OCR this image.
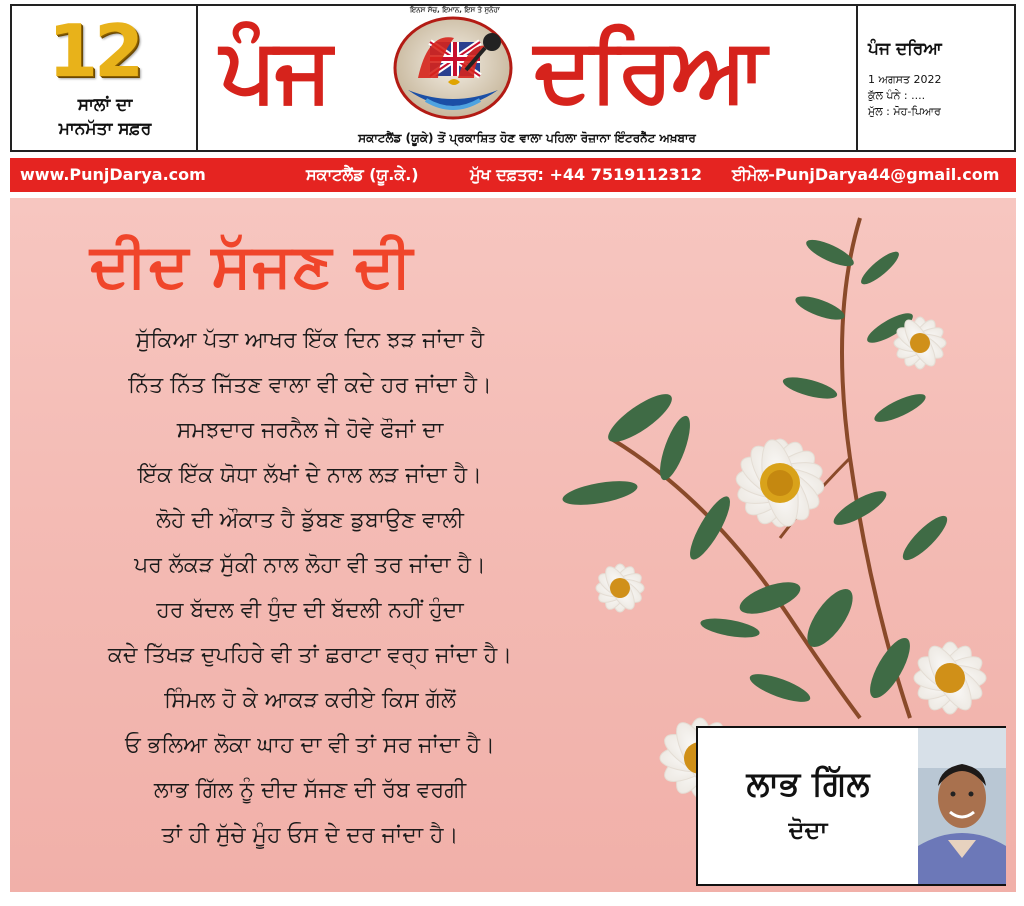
12
ਸਾਲਾਂ ਦਾ
ਮਾਨਮੱਤਾ ਸਫ਼ਰ
ਪੰਜ
ਇਨਸ ਸੱਚ, ਇਮਾਨ, ਇਸ ਤੇ ਸੁਨੇਹਾ
ਦਰਿਆ
ਸਕਾਟਲੈਂਡ (ਯੂਕੇ) ਤੋਂ ਪ੍ਰਕਾਸ਼ਿਤ ਹੋਣ ਵਾਲਾ ਪਹਿਲਾ ਰੋਜ਼ਾਨਾ ਇੰਟਰਨੈੱਟ ਅਖ਼ਬਾਰ
ਪੰਜ ਦਰਿਆ
1 ਅਗਸਤ 2022
ਕੁੱਲ ਪੰਨੇ : ....
ਮੁੱਲ : ਮੋਹ-ਪਿਆਰ
www.PunjDarya.com	ਸਕਾਟਲੈਂਡ (ਯੂ.ਕੇ.)	ਮੁੱਖ ਦਫ਼ਤਰ: +44 7519112312 ਈਮੇਲ-PunjDarya44@gmail.com
ਦੀਦ ਸੱਜਣ ਦੀ
ਸੁੱਕਿਆ ਪੱਤਾ ਆਖਰ ਇੱਕ ਦਿਨ ਝੜ ਜਾਂਦਾ ਹੈ
ਨਿੱਤ ਨਿੱਤ ਜਿੱਤਣ ਵਾਲਾ ਵੀ ਕਦੇ ਹਰ ਜਾਂਦਾ ਹੈ।
ਸਮਝਦਾਰ ਜਰਨੈਲ ਜੇ ਹੋਵੇ ਫੌਜਾਂ ਦਾ
ਇੱਕ ਇੱਕ ਯੋਧਾ ਲੱਖਾਂ ਦੇ ਨਾਲ ਲੜ ਜਾਂਦਾ ਹੈ।
ਲੋਹੇ ਦੀ ਔਕਾਤ ਹੈ ਡੁੱਬਣ ਡੁਬਾਉਣ ਵਾਲੀ
ਪਰ ਲੱਕੜ ਸੁੱਕੀ ਨਾਲ ਲੋਹਾ ਵੀ ਤਰ ਜਾਂਦਾ ਹੈ।
ਹਰ ਬੱਦਲ ਵੀ ਧੁੰਦ ਦੀ ਬੱਦਲੀ ਨਹੀਂ ਹੁੰਦਾ
ਕਦੇ ਤਿੱਖੜ ਦੁਪਹਿਰੇ ਵੀ ਤਾਂ ਛਰਾਟਾ ਵਰ੍ਹ ਜਾਂਦਾ ਹੈ।
ਸਿੰਮਲ ਹੋ ਕੇ ਆਕੜ ਕਰੀਏ ਕਿਸ ਗੱਲੋਂ
ਓ ਭਲਿਆ ਲੋਕਾ ਘਾਹ ਦਾ ਵੀ ਤਾਂ ਸਰ ਜਾਂਦਾ ਹੈ।
ਲਾਭ ਗਿੱਲ ਨੂੰ ਦੀਦ ਸੱਜਣ ਦੀ ਰੱਬ ਵਰਗੀ
ਤਾਂ ਹੀ ਸੁੱਚੇ ਮੂੰਹ ਓਸ ਦੇ ਦਰ ਜਾਂਦਾ ਹੈ।
ਲਾਭ ਗਿੱਲ
ਦੋਦਾ
